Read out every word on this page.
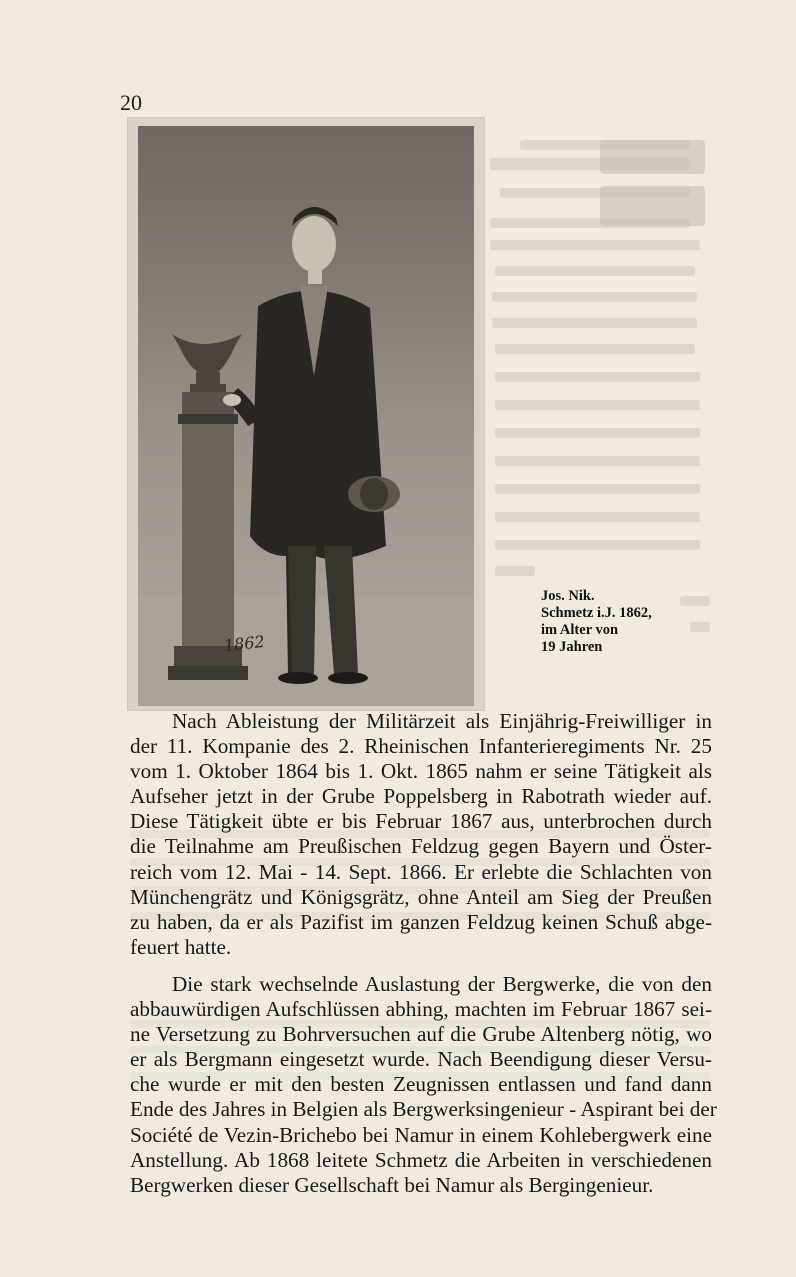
20
1862
Jos. Nik.
Schmetz i.J. 1862,
im Alter von
19 Jahren

Nach Ableistung der Militärzeit als Einjährig-Freiwilliger in
der 11. Kompanie des 2. Rheinischen Infanterieregiments Nr. 25
vom 1. Oktober 1864 bis 1. Okt. 1865 nahm er seine Tätigkeit als
Aufseher jetzt in der Grube Poppelsberg in Rabotrath wieder auf.
Diese Tätigkeit übte er bis Februar 1867 aus, unterbrochen durch
die Teilnahme am Preußischen Feldzug gegen Bayern und Öster-
reich vom 12. Mai - 14. Sept. 1866. Er erlebte die Schlachten von
Münchengrätz und Königsgrätz, ohne Anteil am Sieg der Preußen
zu haben, da er als Pazifist im ganzen Feldzug keinen Schuß abge-
feuert hatte.

Die stark wechselnde Auslastung der Bergwerke, die von den
abbauwürdigen Aufschlüssen abhing, machten im Februar 1867 sei-
ne Versetzung zu Bohrversuchen auf die Grube Altenberg nötig, wo
er als Bergmann eingesetzt wurde. Nach Beendigung dieser Versu-
che wurde er mit den besten Zeugnissen entlassen und fand dann
Ende des Jahres in Belgien als Bergwerksingenieur - Aspirant bei der
Société de Vezin-Brichebo bei Namur in einem Kohlebergwerk eine
Anstellung. Ab 1868 leitete Schmetz die Arbeiten in verschiedenen
Bergwerken dieser Gesellschaft bei Namur als Bergingenieur.
